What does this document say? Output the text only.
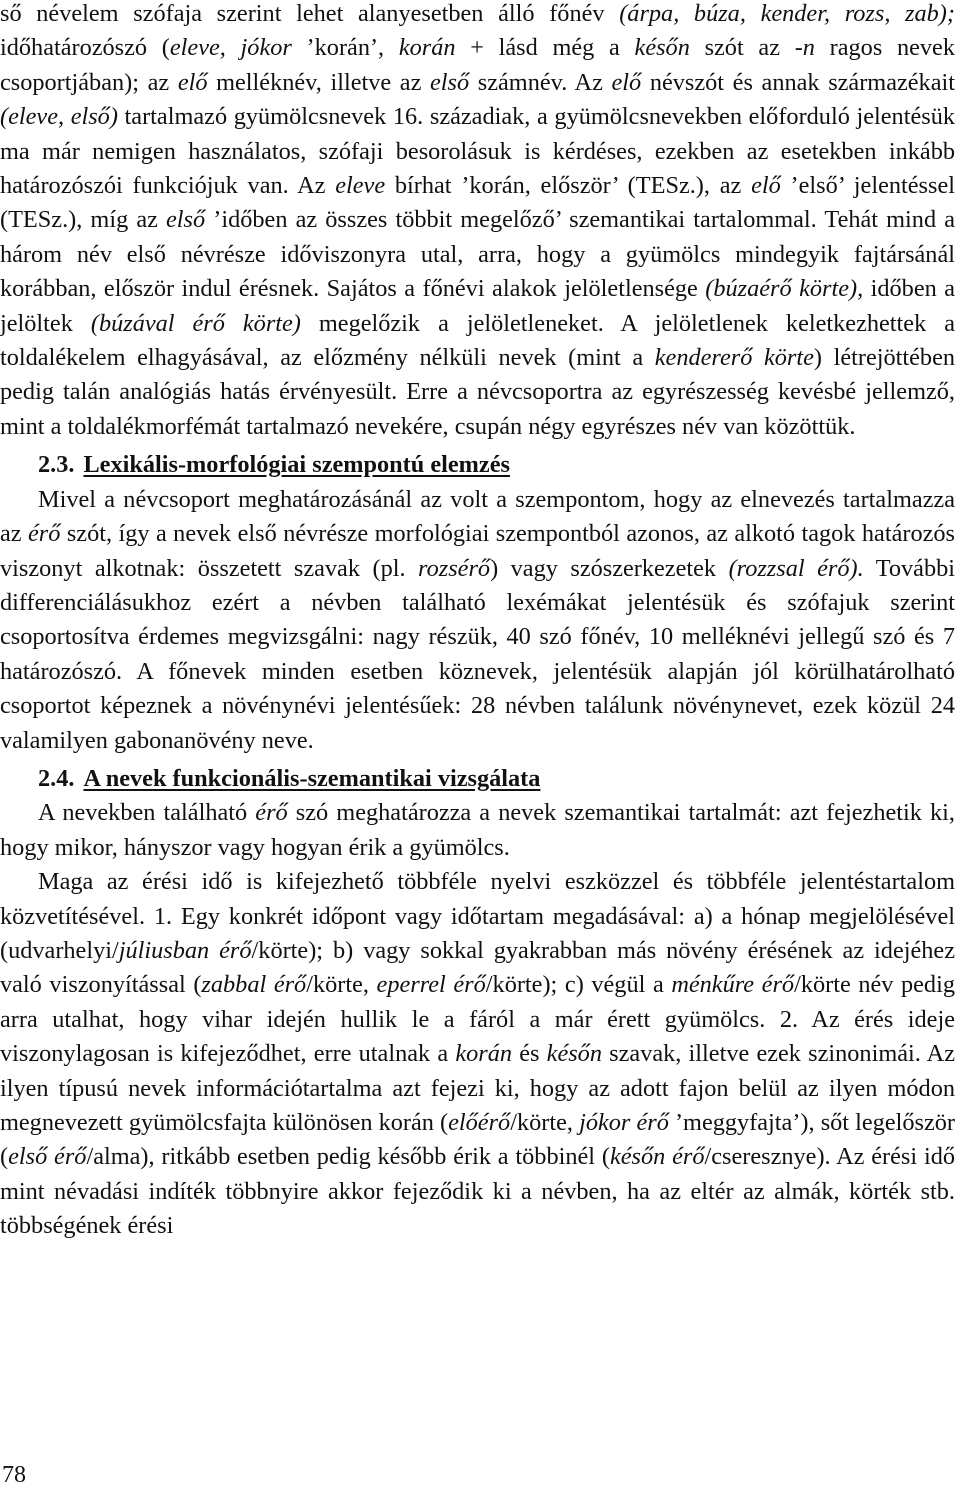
ső névelem szófaja szerint lehet alanyesetben álló főnév (árpa, búza, kender, rozs, zab); időhatározószó (eleve, jókor ’korán’, korán + lásd még a későn szót az -n ragos nevek csoportjában); az elő melléknév, illetve az első számnév. Az elő névszót és annak származékait (eleve, első) tartalmazó gyümölcsnevek 16. századiak, a gyümölcsnevekben előforduló jelentésük ma már nemigen használatos, szófaji besorolásuk is kérdéses, ezekben az esetekben inkább határozószói funkciójuk van. Az eleve bírhat ’korán, először’ (TESz.), az elő ’első’ jelentéssel (TESz.), míg az első ’időben az összes többit megelőző’ szemantikai tartalommal. Tehát mind a három név első névrésze időviszonyra utal, arra, hogy a gyümölcs mindegyik fajtársánál korábban, először indul érésnek. Sajátos a főnévi alakok jelöletlensége (búzaérő körte), időben a jelöltek (búzával érő körte) megelőzik a jelöletleneket. A jelöletlenek keletkezhettek a toldalékelem elhagyásával, az előzmény nélküli nevek (mint a kendererő körte) létrejöttében pedig talán analógiás hatás érvényesült. Erre a névcsoportra az egyrészesség kevésbé jellemző, mint a toldalékmorfémát tartalmazó nevekére, csupán négy egyrészes név van közöttük.

2.3. Lexikális-morfológiai szempontú elemzés

Mivel a névcsoport meghatározásánál az volt a szempontom, hogy az elnevezés tartalmazza az érő szót, így a nevek első névrésze morfológiai szempontból azonos, az alkotó tagok határozós viszonyt alkotnak: összetett szavak (pl. rozsérő) vagy szószerkezetek (rozzsal érő). További differenciálásukhoz ezért a névben található lexémákat jelentésük és szófajuk szerint csoportosítva érdemes megvizsgálni: nagy részük, 40 szó főnév, 10 melléknévi jellegű szó és 7 határozószó. A főnevek minden esetben köznevek, jelentésük alapján jól körülhatárolható csoportot képeznek a növénynévi jelentésűek: 28 névben találunk növénynevet, ezek közül 24 valamilyen gabonanövény neve.

2.4. A nevek funkcionális-szemantikai vizsgálata

A nevekben található érő szó meghatározza a nevek szemantikai tartalmát: azt fejezhetik ki, hogy mikor, hányszor vagy hogyan érik a gyümölcs.

Maga az érési idő is kifejezhető többféle nyelvi eszközzel és többféle jelentéstartalom közvetítésével. 1. Egy konkrét időpont vagy időtartam megadásával: a) a hónap megjelölésével (udvarhelyi/júliusban érő/körte); b) vagy sokkal gyakrabban más növény érésének az idejéhez való viszonyítással (zabbal érő/körte, eperrel érő/körte); c) végül a ménkűre érő/körte név pedig arra utalhat, hogy vihar idején hullik le a fáról a már érett gyümölcs. 2. Az érés ideje viszonylagosan is kifejeződhet, erre utalnak a korán és későn szavak, illetve ezek szinonimái. Az ilyen típusú nevek információtartalma azt fejezi ki, hogy az adott fajon belül az ilyen módon megnevezett gyümölcsfajta különösen korán (előérő/körte, jókor érő ’meggyfajta’), sőt legelőször (első érő/alma), ritkább esetben pedig később érik a többinél (későn érő/cseresznye). Az érési idő mint névadási indíték többnyire akkor fejeződik ki a névben, ha az eltér az almák, körték stb. többségének érési

78
